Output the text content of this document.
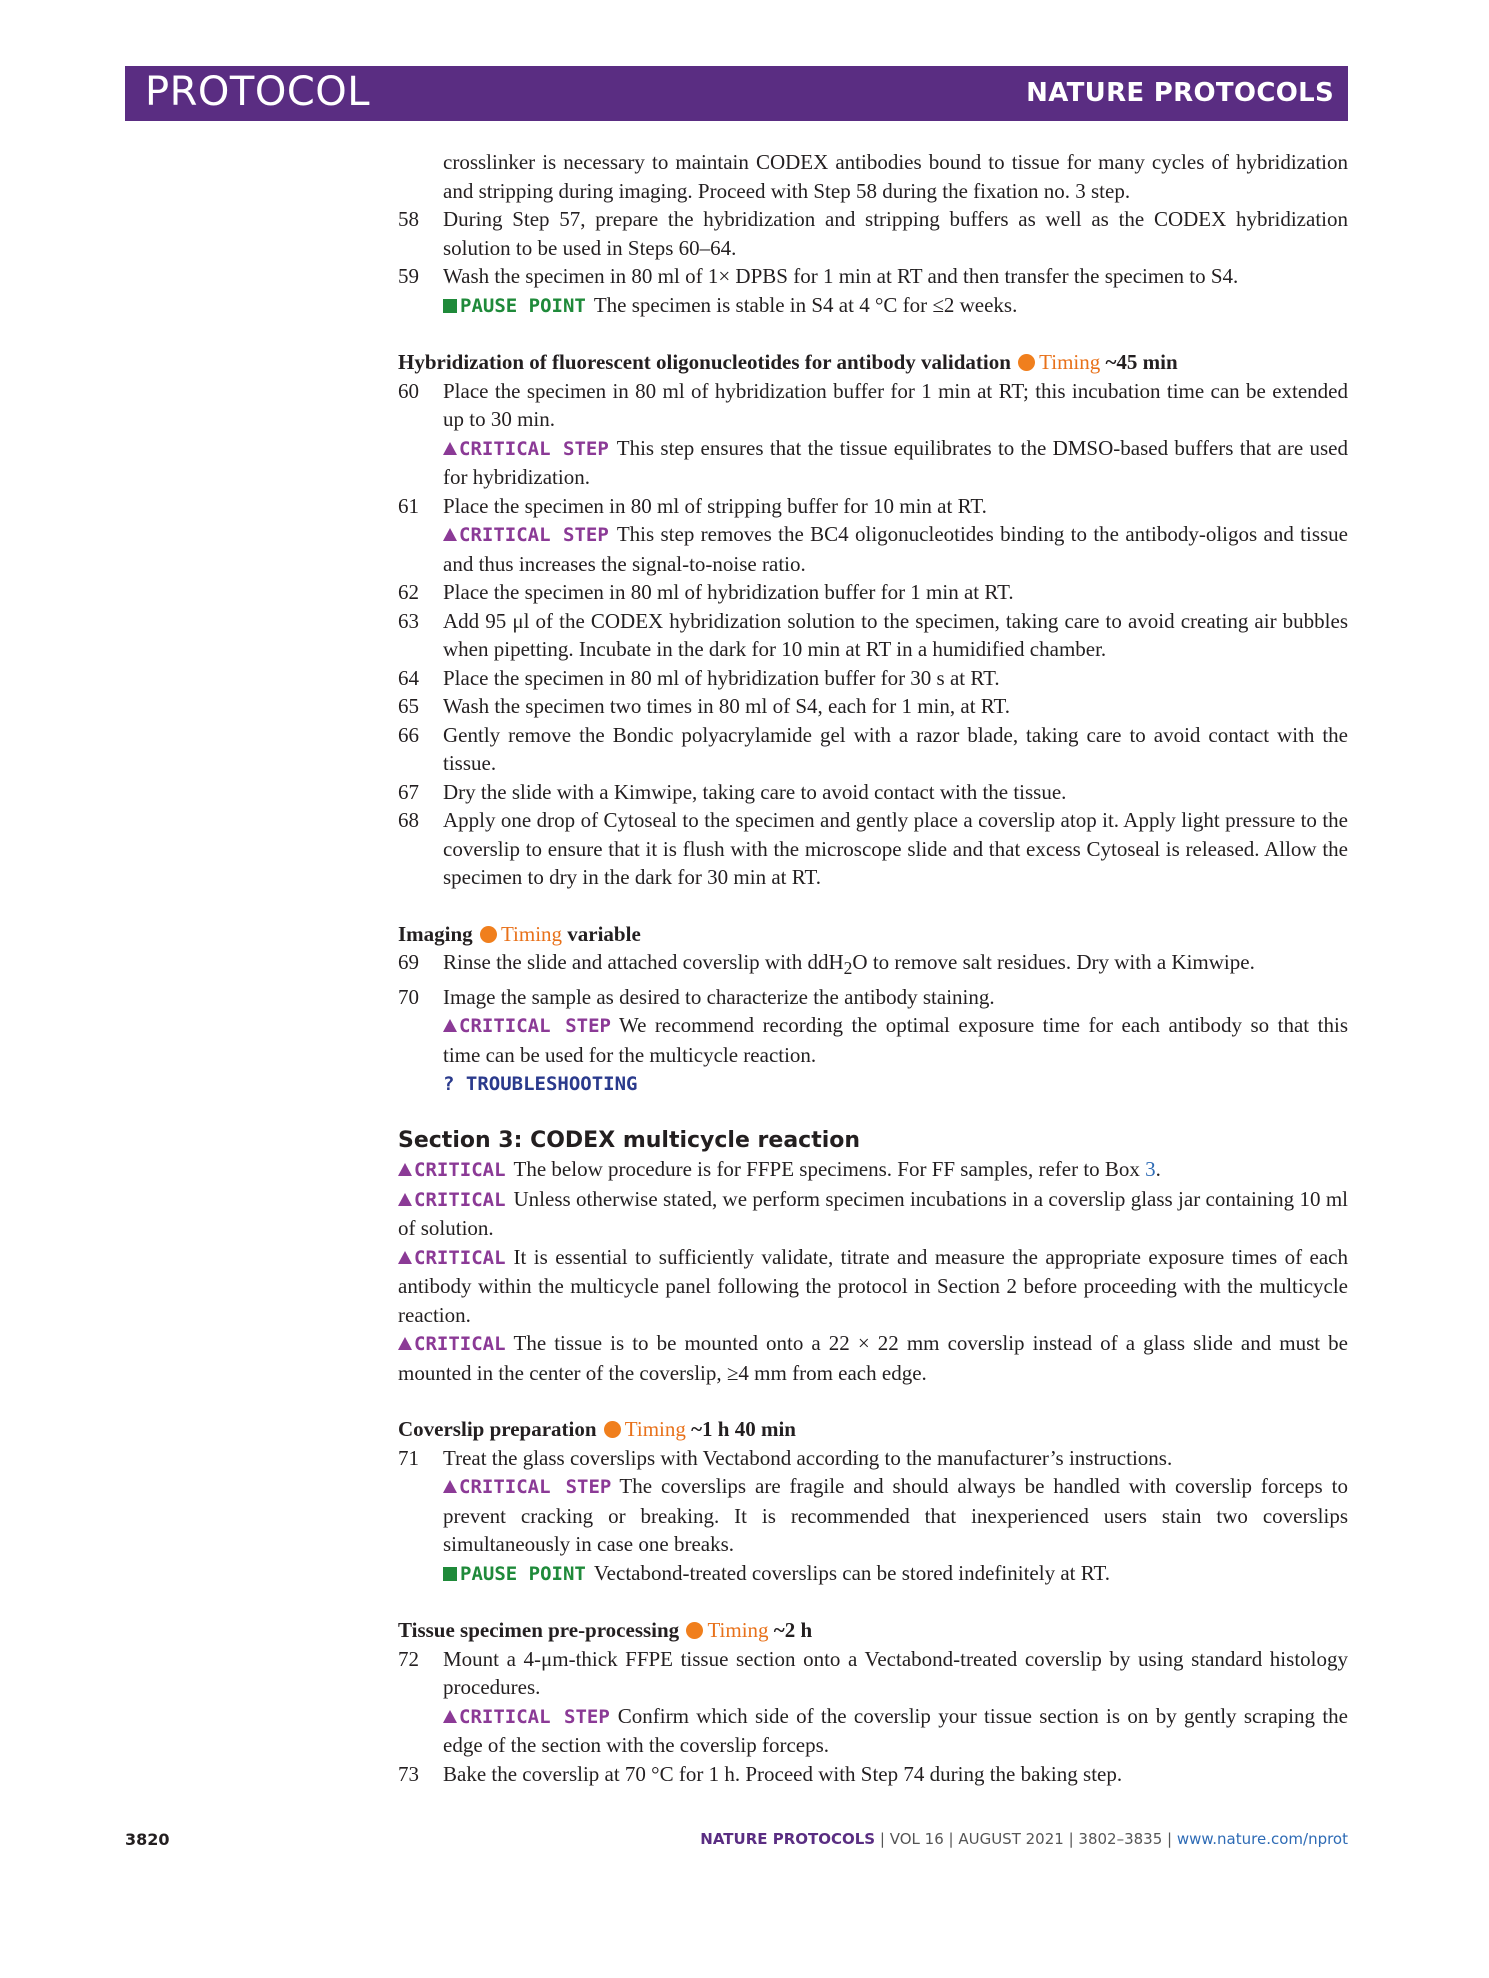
PROTOCOL	NATURE PROTOCOLS
crosslinker is necessary to maintain CODEX antibodies bound to tissue for many cycles of hybridization and stripping during imaging. Proceed with Step 58 during the fixation no. 3 step.
58 During Step 57, prepare the hybridization and stripping buffers as well as the CODEX hybridization solution to be used in Steps 60–64.
59 Wash the specimen in 80 ml of 1× DPBS for 1 min at RT and then transfer the specimen to S4.
PAUSE POINT The specimen is stable in S4 at 4 °C for ≤2 weeks.
Hybridization of fluorescent oligonucleotides for antibody validation Timing ~45 min
60 Place the specimen in 80 ml of hybridization buffer for 1 min at RT; this incubation time can be extended up to 30 min.
CRITICAL STEP This step ensures that the tissue equilibrates to the DMSO-based buffers that are used for hybridization.
61 Place the specimen in 80 ml of stripping buffer for 10 min at RT.
CRITICAL STEP This step removes the BC4 oligonucleotides binding to the antibody-oligos and tissue and thus increases the signal-to-noise ratio.
62 Place the specimen in 80 ml of hybridization buffer for 1 min at RT.
63 Add 95 μl of the CODEX hybridization solution to the specimen, taking care to avoid creating air bubbles when pipetting. Incubate in the dark for 10 min at RT in a humidified chamber.
64 Place the specimen in 80 ml of hybridization buffer for 30 s at RT.
65 Wash the specimen two times in 80 ml of S4, each for 1 min, at RT.
66 Gently remove the Bondic polyacrylamide gel with a razor blade, taking care to avoid contact with the tissue.
67 Dry the slide with a Kimwipe, taking care to avoid contact with the tissue.
68 Apply one drop of Cytoseal to the specimen and gently place a coverslip atop it. Apply light pressure to the coverslip to ensure that it is flush with the microscope slide and that excess Cytoseal is released. Allow the specimen to dry in the dark for 30 min at RT.
Imaging Timing variable
69 Rinse the slide and attached coverslip with ddH$_2$O to remove salt residues. Dry with a Kimwipe.
70 Image the sample as desired to characterize the antibody staining.
CRITICAL STEP We recommend recording the optimal exposure time for each antibody so that this time can be used for the multicycle reaction.
? TROUBLESHOOTING
Section 3: CODEX multicycle reaction
CRITICAL The below procedure is for FFPE specimens. For FF samples, refer to Box 3.
CRITICAL Unless otherwise stated, we perform specimen incubations in a coverslip glass jar containing 10 ml of solution.
CRITICAL It is essential to sufficiently validate, titrate and measure the appropriate exposure times of each antibody within the multicycle panel following the protocol in Section 2 before proceeding with the multicycle reaction.
CRITICAL The tissue is to be mounted onto a 22 × 22 mm coverslip instead of a glass slide and must be mounted in the center of the coverslip, ≥4 mm from each edge.
Coverslip preparation Timing ~1 h 40 min
71 Treat the glass coverslips with Vectabond according to the manufacturer’s instructions.
CRITICAL STEP The coverslips are fragile and should always be handled with coverslip forceps to prevent cracking or breaking. It is recommended that inexperienced users stain two coverslips simultaneously in case one breaks.
PAUSE POINT Vectabond-treated coverslips can be stored indefinitely at RT.
Tissue specimen pre-processing Timing ~2 h
72 Mount a 4-μm-thick FFPE tissue section onto a Vectabond-treated coverslip by using standard histology procedures.
CRITICAL STEP Confirm which side of the coverslip your tissue section is on by gently scraping the edge of the section with the coverslip forceps.
73 Bake the coverslip at 70 °C for 1 h. Proceed with Step 74 during the baking step.
3820	NATURE PROTOCOLS | VOL 16 | AUGUST 2021 | 3802–3835 | www.nature.com/nprot
